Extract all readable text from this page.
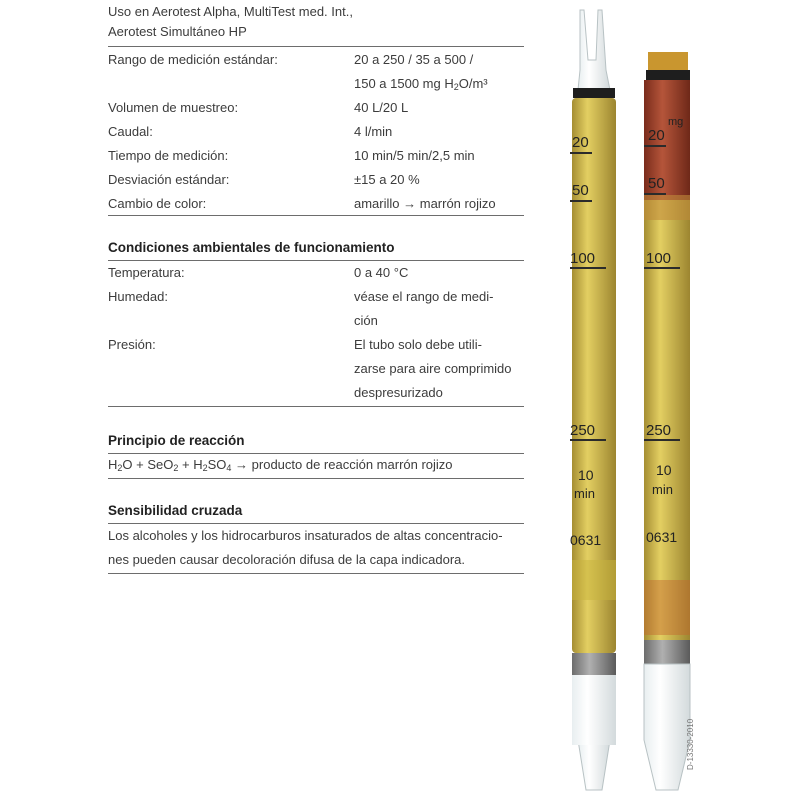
Uso en Aerotest Alpha, MultiTest med. Int.,
Aerotest Simultáneo HP
Rango de medición estándar:	20 a 250 / 35 a 500 /
150 a 1500 mg $H_2O/m^3$
Volumen de muestreo:	40 L/20 L
Caudal:	4 l/min
Tiempo de medición:	10 min/5 min/2,5 min
Desviación estándar:	±15 a 20 %
Cambio de color:	amarillo → marrón rojizo
Condiciones ambientales de funcionamiento
Temperatura:	0 a 40 °C
Humedad:	véase el rango de medi-
ción
Presión:	El tubo solo debe utili-
zarse para aire comprimido
despresurizado
Principio de reacción
$H_2O + SeO_2 + H_2SO_4$ → producto de reacción marrón rojizo
Sensibilidad cruzada
Los alcoholes y los hidrocarburos insaturados de altas concentracio-
nes pueden causar decoloración difusa de la capa indicadora.
20
50
100
250
10
min
0631
mg
20
50
100
250
10
min
0631
D-13330-2010
